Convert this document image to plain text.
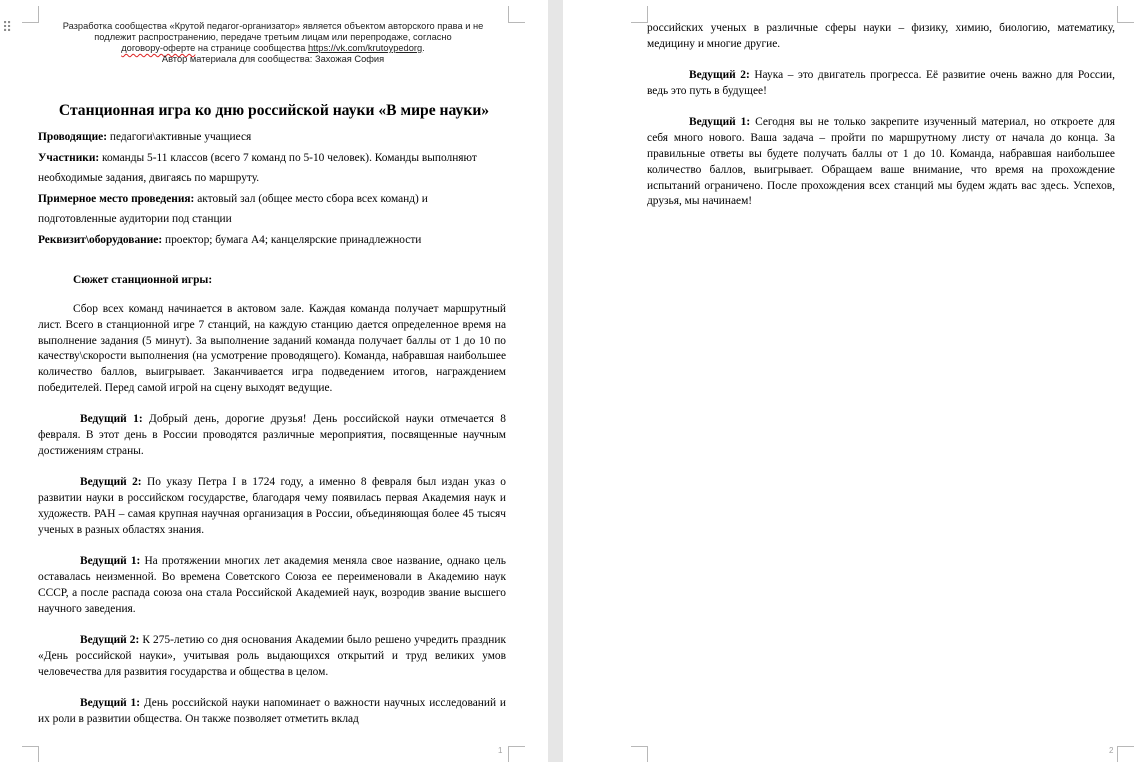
⠿	Разработка сообщества «Крутой педагог-организатор» является объектом авторского права и не
подлежит распространению, передаче третьим лицам или перепродаже, согласно
договору-оферте на странице сообщества https://vk.com/krutoypedorg.
Автор материала для сообщества: Захожая София
Станционная игра ко дню российской науки «В мире науки»

Проводящие: педагоги\активные учащиеся

Участники: команды 5-11 классов (всего 7 команд по 5-10 человек). Команды выполняют необходимые задания, двигаясь по маршруту.

Примерное место проведения: актовый зал (общее место сбора всех команд) и подготовленные аудитории под станции

Реквизит\оборудование: проектор; бумага А4; канцелярские принадлежности

Сюжет станционной игры:

Сбор всех команд начинается в актовом зале. Каждая команда получает маршрутный лист. Всего в станционной игре 7 станций, на каждую станцию дается определенное время на выполнение задания (5 минут). За выполнение заданий команда получает баллы от 1 до 10 по качеству\скорости выполнения (на усмотрение проводящего). Команда, набравшая наибольшее количество баллов, выигрывает. Заканчивается игра подведением итогов, награждением победителей. Перед самой игрой на сцену выходят ведущие.

Ведущий 1: Добрый день, дорогие друзья! День российской науки отмечается 8 февраля. В этот день в России проводятся различные мероприятия, посвященные научным достижениям страны.

Ведущий 2: По указу Петра I в 1724 году, а именно 8 февраля был издан указ о развитии науки в российском государстве, благодаря чему появилась первая Академия наук и художеств. РАН – самая крупная научная организация в России, объединяющая более 45 тысяч ученых в разных областях знания.

Ведущий 1: На протяжении многих лет академия меняла свое название, однако цель оставалась неизменной. Во времена Советского Союза ее переименовали в Академию наук СССР, а после распада союза она стала Российской Академией наук, возродив звание высшего научного заведения.

Ведущий 2: К 275-летию со дня основания Академии было решено учредить праздник «День российской науки», учитывая роль выдающихся открытий и труд великих умов человечества для развития государства и общества в целом.

Ведущий 1: День российской науки напоминает о важности научных исследований и их роли в развитии общества. Он также позволяет отметить вклад

1	2

российских ученых в различные сферы науки – физику, химию, биологию, математику, медицину и многие другие.

Ведущий 2: Наука – это двигатель прогресса. Её развитие очень важно для России, ведь это путь в будущее!

Ведущий 1: Сегодня вы не только закрепите изученный материал, но откроете для себя много нового. Ваша задача – пройти по маршрутному листу от начала до конца. За правильные ответы вы будете получать баллы от 1 до 10. Команда, набравшая наибольшее количество баллов, выигрывает. Обращаем ваше внимание, что время на прохождение испытаний ограничено. После прохождения всех станций мы будем ждать вас здесь. Успехов, друзья, мы начинаем!
